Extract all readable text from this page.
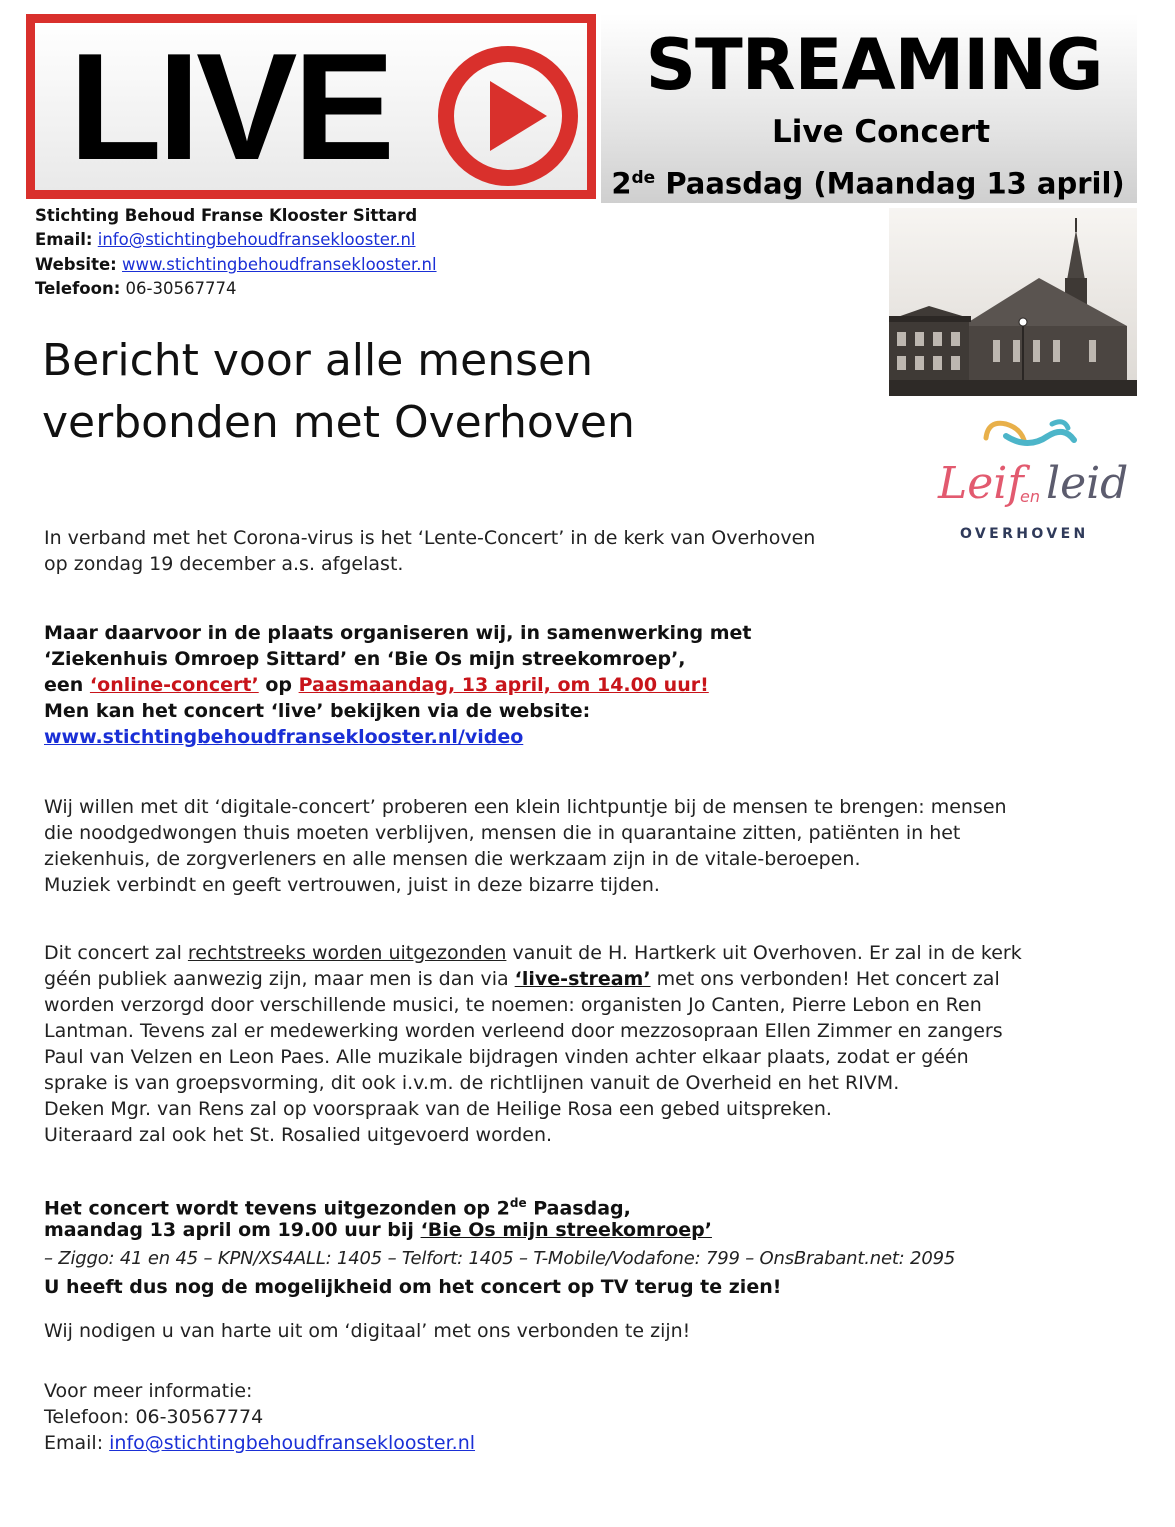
LIVE	STREAMING
Live Concert
2de Paasdag (Maandag 13 april)
Stichting Behoud Franse Klooster Sittard
Email: info@stichtingbehoudfranseklooster.nl
Website: www.stichtingbehoudfranseklooster.nl
Telefoon: 06-30567774
Leif
en leid
OVERHOVEN
Bericht voor alle mensen
verbonden met Overhoven
In verband met het Corona-virus is het ‘Lente-Concert’ in de kerk van Overhoven
op zondag 19 december a.s. afgelast.
Maar daarvoor in de plaats organiseren wij, in samenwerking met
‘Ziekenhuis Omroep Sittard’ en ‘Bie Os mijn streekomroep’,
een ‘online-concert’ op Paasmaandag, 13 april, om 14.00 uur!
Men kan het concert ‘live’ bekijken via de website:
www.stichtingbehoudfranseklooster.nl/video
Wij willen met dit ‘digitale-concert’ proberen een klein lichtpuntje bij de mensen te brengen: mensen
die noodgedwongen thuis moeten verblijven, mensen die in quarantaine zitten, patiënten in het
ziekenhuis, de zorgverleners en alle mensen die werkzaam zijn in de vitale-beroepen.
Muziek verbindt en geeft vertrouwen, juist in deze bizarre tijden.
Dit concert zal rechtstreeks worden uitgezonden vanuit de H. Hartkerk uit Overhoven. Er zal in de kerk
géén publiek aanwezig zijn, maar men is dan via ‘live-stream’ met ons verbonden! Het concert zal
worden verzorgd door verschillende musici, te noemen: organisten Jo Canten, Pierre Lebon en Ren
Lantman. Tevens zal er medewerking worden verleend door mezzosopraan Ellen Zimmer en zangers
Paul van Velzen en Leon Paes. Alle muzikale bijdragen vinden achter elkaar plaats, zodat er géén
sprake is van groepsvorming, dit ook i.v.m. de richtlijnen vanuit de Overheid en het RIVM.
Deken Mgr. van Rens zal op voorspraak van de Heilige Rosa een gebed uitspreken.
Uiteraard zal ook het St. Rosalied uitgevoerd worden.
Het concert wordt tevens uitgezonden op 2de Paasdag,
maandag 13 april om 19.00 uur bij ‘Bie Os mijn streekomroep’
– Ziggo: 41 en 45 – KPN/XS4ALL: 1405 – Telfort: 1405 – T-Mobile/Vodafone: 799 – OnsBrabant.net: 2095
U heeft dus nog de mogelijkheid om het concert op TV terug te zien!
Wij nodigen u van harte uit om ‘digitaal’ met ons verbonden te zijn!
Voor meer informatie:
Telefoon: 06-30567774
Email: info@stichtingbehoudfranseklooster.nl
